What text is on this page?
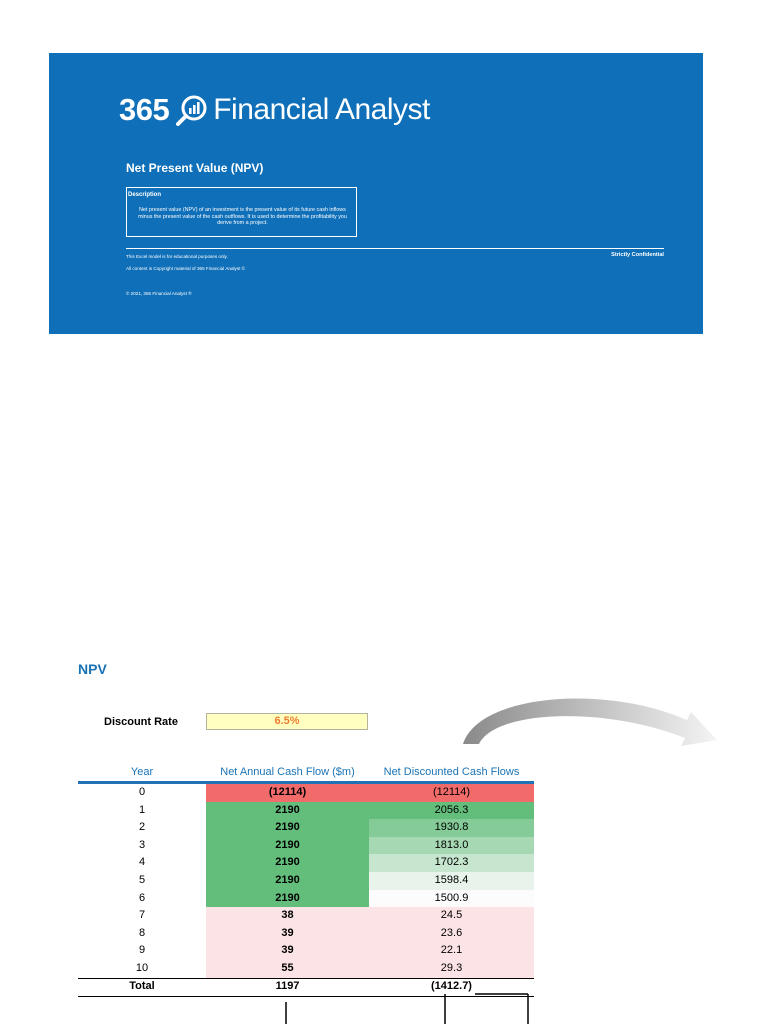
365 Financial Analyst
Net Present Value (NPV)
Description
Net present value (NPV) of an investment is the present value of its future cash inflows minus the present value of the cash outflows. It is used to determine the profitability you derive from a project.
This Excel model is for educational purposes only.
All content is Copyright material of 365 Financial Analyst ©
© 2021, 365 Financial Analyst ®
Strictly Confidential
NPV
Discount Rate	6.5%
Year	Net Annual Cash Flow ($m)	Net Discounted Cash Flows
0	(12114)	(12114)
1	2190	2056.3
2	2190	1930.8
3	2190	1813.0
4	2190	1702.3
5	2190	1598.4
6	2190	1500.9
7	38	24.5
8	39	23.6
9	39	22.1
10	55	29.3
Total	1197	(1412.7)
